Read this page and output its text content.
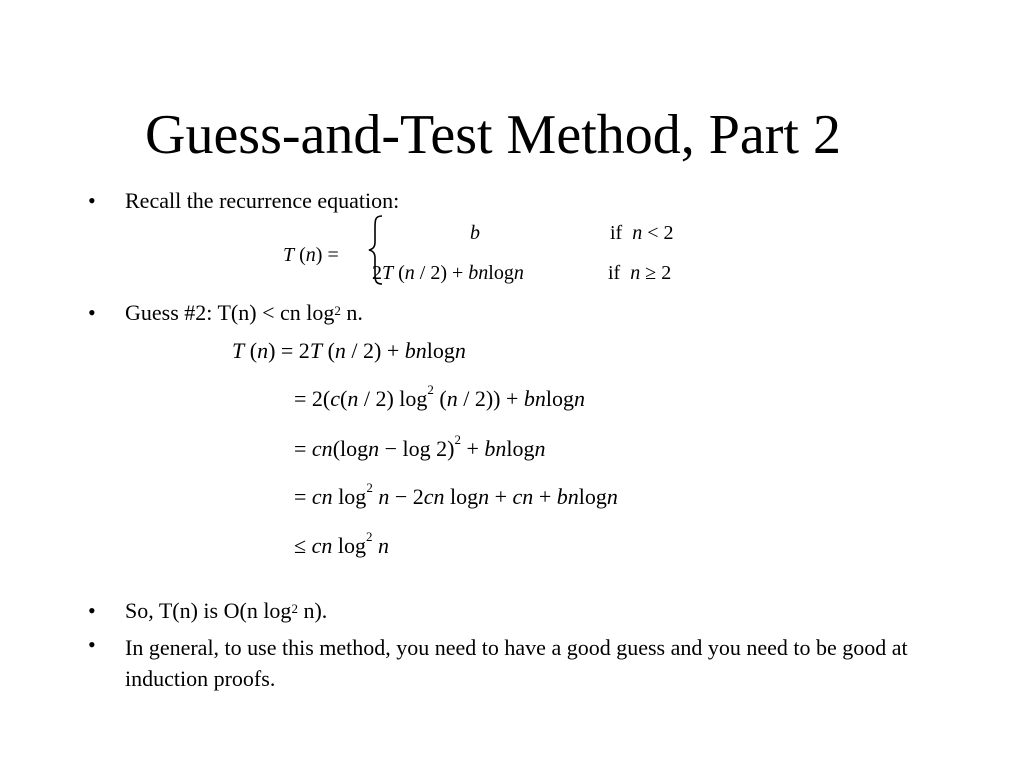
Guess-and-Test Method, Part 2
• Recall the recurrence equation:
T (n) =
b	if  n < 2
2T (n / 2) + bnlogn	if  n ≥ 2
• Guess #2: T(n) < cn $\log^2 n$.
T (n) = 2T (n / 2) + bnlogn
= 2(c(n / 2) $\log^2 (n / 2)) + bnlogn$
= $cn(\log n - \log 2)^2 + bnlogn$
= cn $\log^2 n - 2cn$ logn + cn + bnlogn
≤ cn $\log^2 n$
• So, T(n) is O(n $\log^2 n$).
• In general, to use this method, you need to have a good guess and you need to be good at induction proofs.
